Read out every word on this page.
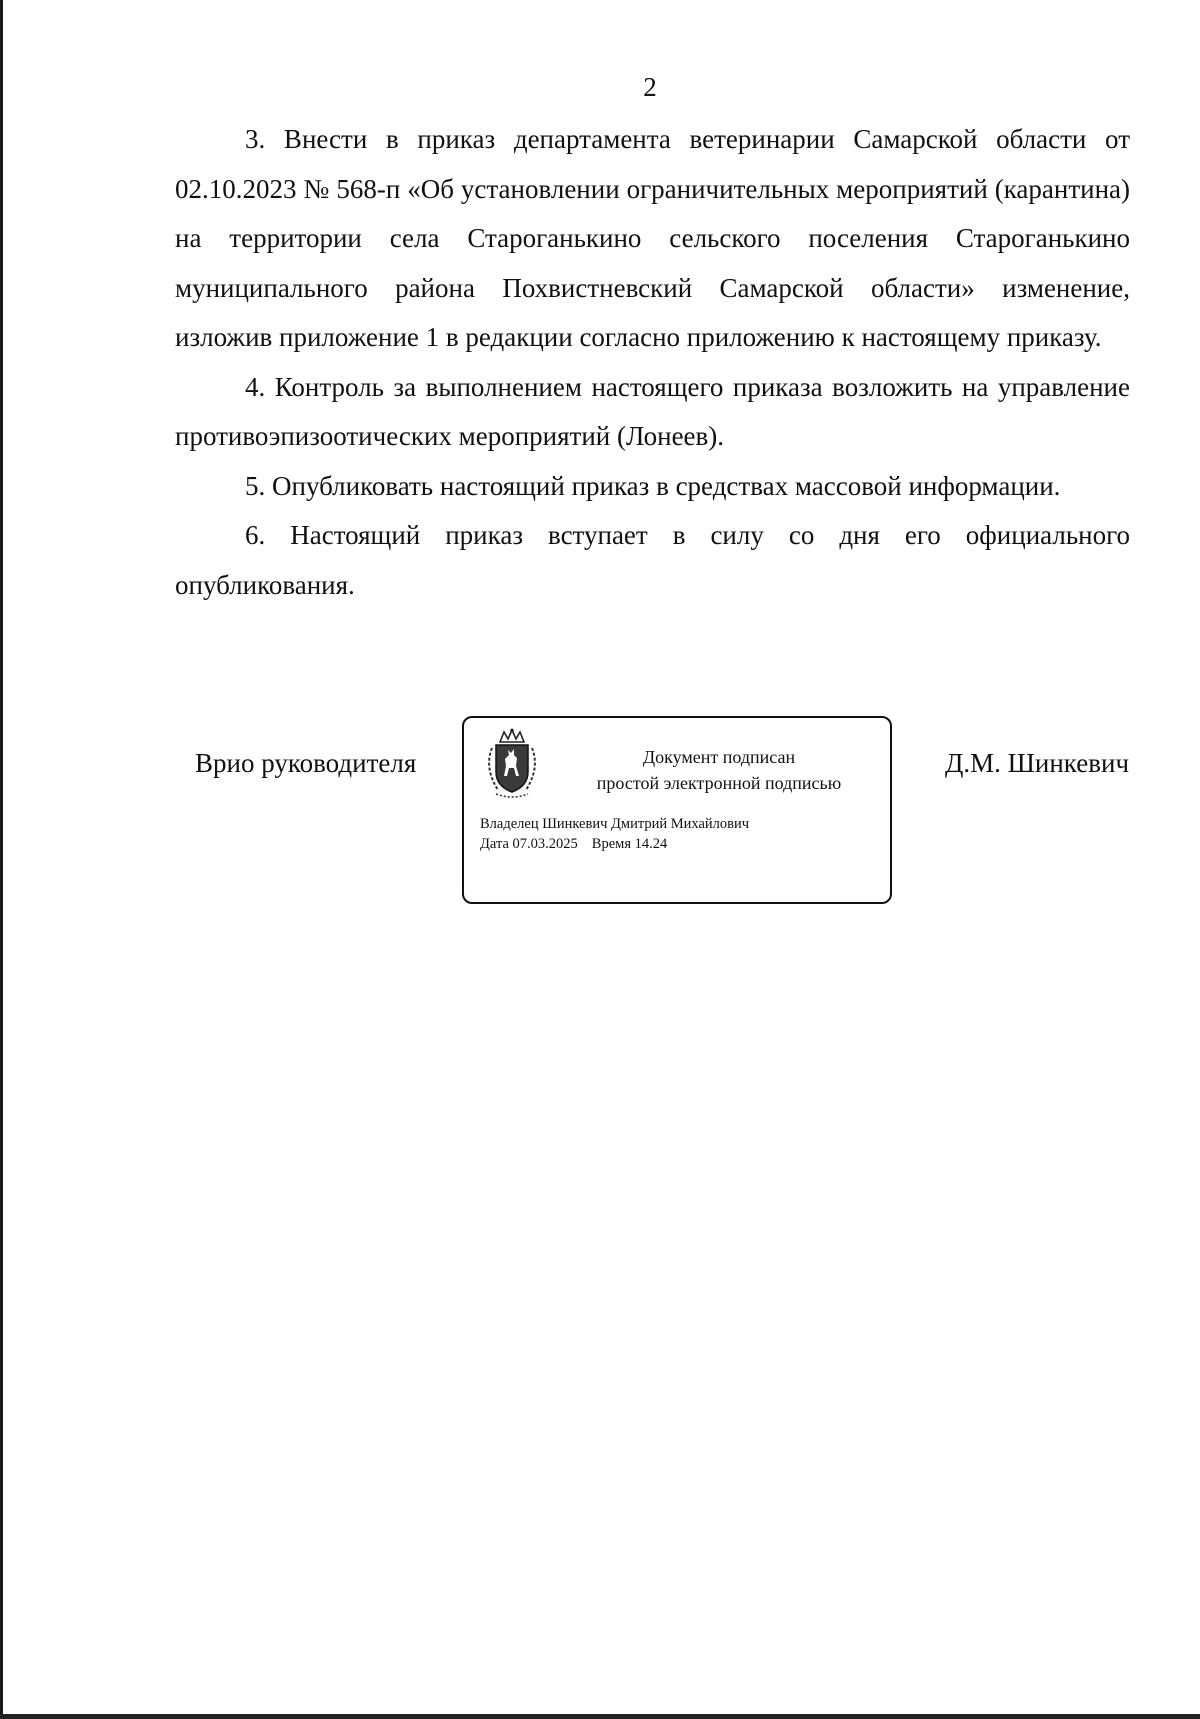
2

3. Внести в приказ департамента ветеринарии Самарской области от 02.10.2023 № 568-п «Об установлении ограничительных мероприятий (карантина) на территории села Староганькино сельского поселения Староганькино муниципального района Похвистневский Самарской области» изменение, изложив приложение 1 в редакции согласно приложению к настоящему приказу.

4. Контроль за выполнением настоящего приказа возложить на управление противоэпизоотических мероприятий (Лонеев).

5. Опубликовать настоящий приказ в средствах массовой информации.

6. Настоящий приказ вступает в силу со дня его официального опубликования.

Врио руководителя	Документ подписан
простой электронной подписью
Владелец Шинкевич Дмитрий Михайлович
Дата 07.03.2025 Время 14.24
Д.М. Шинкевич
